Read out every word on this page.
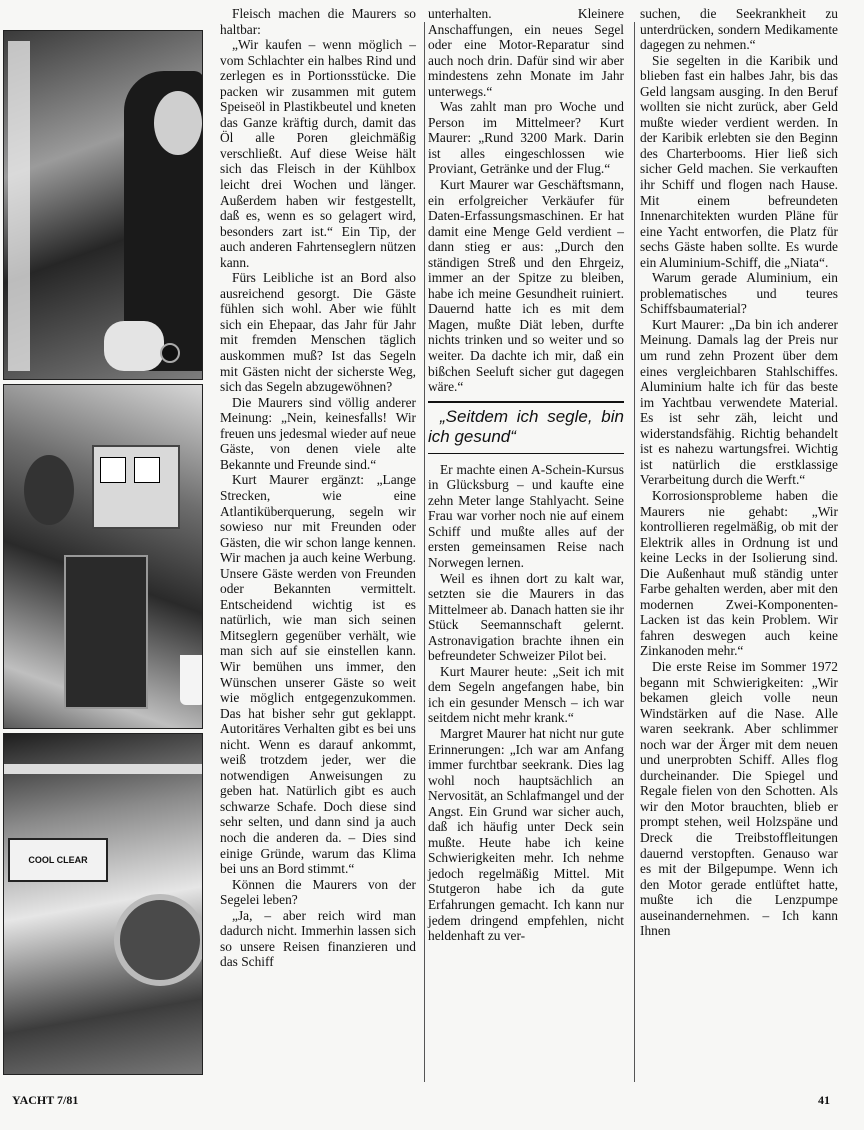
COOL CLEAR

Fleisch machen die Maurers so haltbar:

„Wir kaufen – wenn möglich – vom Schlachter ein halbes Rind und zerlegen es in Portionsstücke. Die packen wir zusammen mit gutem Speiseöl in Plastikbeutel und kneten das Ganze kräftig durch, damit das Öl alle Poren gleichmäßig verschließt. Auf diese Weise hält sich das Fleisch in der Kühlbox leicht drei Wochen und länger. Außerdem haben wir festgestellt, daß es, wenn es so gelagert wird, besonders zart ist.“ Ein Tip, der auch anderen Fahrtenseglern nützen kann.

Fürs Leibliche ist an Bord also ausreichend gesorgt. Die Gäste fühlen sich wohl. Aber wie fühlt sich ein Ehepaar, das Jahr für Jahr mit fremden Menschen täglich auskommen muß? Ist das Segeln mit Gästen nicht der sicherste Weg, sich das Segeln abzugewöhnen?

Die Maurers sind völlig anderer Meinung: „Nein, keinesfalls! Wir freuen uns jedesmal wieder auf neue Gäste, von denen viele alte Bekannte und Freunde sind.“

Kurt Maurer ergänzt: „Lange Strecken, wie eine Atlantiküberquerung, segeln wir sowieso nur mit Freunden oder Gästen, die wir schon lange kennen. Wir machen ja auch keine Werbung. Unsere Gäste werden von Freunden oder Bekannten vermittelt. Entscheidend wichtig ist es natürlich, wie man sich seinen Mitseglern gegenüber verhält, wie man sich auf sie einstellen kann. Wir bemühen uns immer, den Wünschen unserer Gäste so weit wie möglich entgegenzukommen. Das hat bisher sehr gut geklappt. Autoritäres Verhalten gibt es bei uns nicht. Wenn es darauf ankommt, weiß trotzdem jeder, wer die notwendigen Anweisungen zu geben hat. Natürlich gibt es auch schwarze Schafe. Doch diese sind sehr selten, und dann sind ja auch noch die anderen da. – Dies sind einige Gründe, warum das Klima bei uns an Bord stimmt.“

Können die Maurers von der Segelei leben?

„Ja, – aber reich wird man dadurch nicht. Immerhin lassen sich so unsere Reisen finanzieren und das Schiff

unterhalten. Kleinere Anschaffungen, ein neues Segel oder eine Motor-Reparatur sind auch noch drin. Dafür sind wir aber mindestens zehn Monate im Jahr unterwegs.“

Was zahlt man pro Woche und Person im Mittelmeer? Kurt Maurer: „Rund 3200 Mark. Darin ist alles eingeschlossen wie Proviant, Getränke und der Flug.“

Kurt Maurer war Geschäftsmann, ein erfolgreicher Verkäufer für Daten-Erfassungsmaschinen. Er hat damit eine Menge Geld verdient – dann stieg er aus: „Durch den ständigen Streß und den Ehrgeiz, immer an der Spitze zu bleiben, habe ich meine Gesundheit ruiniert. Dauernd hatte ich es mit dem Magen, mußte Diät leben, durfte nichts trinken und so weiter und so weiter. Da dachte ich mir, daß ein bißchen Seeluft sicher gut dagegen wäre.“

„Seitdem ich segle, bin ich gesund“

Er machte einen A-Schein-Kursus in Glücksburg – und kaufte eine zehn Meter lange Stahlyacht. Seine Frau war vorher noch nie auf einem Schiff und mußte alles auf der ersten gemeinsamen Reise nach Norwegen lernen.

Weil es ihnen dort zu kalt war, setzten sie die Maurers in das Mittelmeer ab. Danach hatten sie ihr Stück Seemannschaft gelernt. Astronavigation brachte ihnen ein befreundeter Schweizer Pilot bei.

Kurt Maurer heute: „Seit ich mit dem Segeln angefangen habe, bin ich ein gesunder Mensch – ich war seitdem nicht mehr krank.“

Margret Maurer hat nicht nur gute Erinnerungen: „Ich war am Anfang immer furchtbar seekrank. Dies lag wohl noch hauptsächlich an Nervosität, an Schlafmangel und der Angst. Ein Grund war sicher auch, daß ich häufig unter Deck sein mußte. Heute habe ich keine Schwierigkeiten mehr. Ich nehme jedoch regelmäßig Mittel. Mit Stutgeron habe ich da gute Erfahrungen gemacht. Ich kann nur jedem dringend empfehlen, nicht heldenhaft zu ver-

suchen, die Seekrankheit zu unterdrücken, sondern Medikamente dagegen zu nehmen.“

Sie segelten in die Karibik und blieben fast ein halbes Jahr, bis das Geld langsam ausging. In den Beruf wollten sie nicht zurück, aber Geld mußte wieder verdient werden. In der Karibik erlebten sie den Beginn des Charterbooms. Hier ließ sich sicher Geld machen. Sie verkauften ihr Schiff und flogen nach Hause. Mit einem befreundeten Innenarchitekten wurden Pläne für eine Yacht entworfen, die Platz für sechs Gäste haben sollte. Es wurde ein Aluminium-Schiff, die „Niata“.

Warum gerade Aluminium, ein problematisches und teures Schiffsbaumaterial?

Kurt Maurer: „Da bin ich anderer Meinung. Damals lag der Preis nur um rund zehn Prozent über dem eines vergleichbaren Stahlschiffes. Aluminium halte ich für das beste im Yachtbau verwendete Material. Es ist sehr zäh, leicht und widerstandsfähig. Richtig behandelt ist es nahezu wartungsfrei. Wichtig ist natürlich die erstklassige Verarbeitung durch die Werft.“

Korrosionsprobleme haben die Maurers nie gehabt: „Wir kontrollieren regelmäßig, ob mit der Elektrik alles in Ordnung ist und keine Lecks in der Isolierung sind. Die Außenhaut muß ständig unter Farbe gehalten werden, aber mit den modernen Zwei-Komponenten-Lacken ist das kein Problem. Wir fahren deswegen auch keine Zinkanoden mehr.“

Die erste Reise im Sommer 1972 begann mit Schwierigkeiten: „Wir bekamen gleich volle neun Windstärken auf die Nase. Alle waren seekrank. Aber schlimmer noch war der Ärger mit dem neuen und unerprobten Schiff. Alles flog durcheinander. Die Spiegel und Regale fielen von den Schotten. Als wir den Motor brauchten, blieb er prompt stehen, weil Holzspäne und Dreck die Treibstoffleitungen dauernd verstopften. Genauso war es mit der Bilgepumpe. Wenn ich den Motor gerade entlüftet hatte, mußte ich die Lenzpumpe auseinandernehmen. – Ich kann Ihnen

YACHT 7/81	41
